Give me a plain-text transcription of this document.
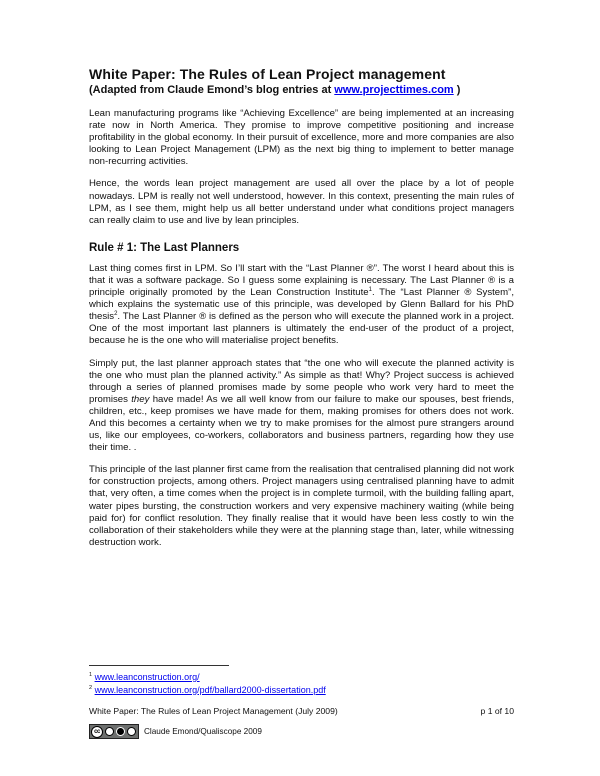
White Paper: The Rules of Lean Project management
(Adapted from Claude Emond’s blog entries at www.projecttimes.com )

Lean manufacturing programs like “Achieving Excellence” are being implemented at an increasing rate now in North America. They promise to improve competitive positioning and increase profitability in the global economy. In their pursuit of excellence, more and more companies are also looking to Lean Project Management (LPM) as the next big thing to implement to better manage non-recurring activities.

Hence, the words lean project management are used all over the place by a lot of people nowadays. LPM is really not well understood, however. In this context, presenting the main rules of LPM, as I see them, might help us all better understand under what conditions project managers can really claim to use and live by lean principles.

Rule # 1: The Last Planners

Last thing comes first in LPM. So I’ll start with the “Last Planner ®”. The worst I heard about this is that it was a software package. So I guess some explaining is necessary. The Last Planner ® is a principle originally promoted by the Lean Construction Institute$^1$. The “Last Planner ® System”, which explains the systematic use of this principle, was developed by Glenn Ballard for his PhD thesis$^2$. The Last Planner ® is defined as the person who will execute the planned work in a project. One of the most important last planners is ultimately the end-user of the product of a project, because he is the one who will materialise project benefits.

Simply put, the last planner approach states that “the one who will execute the planned activity is the one who must plan the planned activity.” As simple as that! Why? Project success is achieved through a series of planned promises made by some people who work very hard to meet the promises they have made! As we all well know from our failure to make our spouses, best friends, children, etc., keep promises we have made for them, making promises for others does not work. And this becomes a certainty when we try to make promises for the almost pure strangers around us, like our employees, co-workers, collaborators and business partners, regarding how they use their time. .

This principle of the last planner first came from the realisation that centralised planning did not work for construction projects, among others. Project managers using centralised planning have to admit that, very often, a time comes when the project is in complete turmoil, with the building falling apart, water pipes bursting, the construction workers and very expensive machinery waiting (while being paid for) for conflict resolution. They finally realise that it would have been less costly to win the collaboration of their stakeholders while they were at the planning stage than, later, while witnessing destruction work.

$^1$ www.leanconstruction.org/
$^2$ www.leanconstruction.org/pdf/ballard2000-dissertation.pdf
White Paper: The Rules of Lean Project Management (July 2009)	p 1 of 10
cc	Claude Emond/Qualiscope 2009
